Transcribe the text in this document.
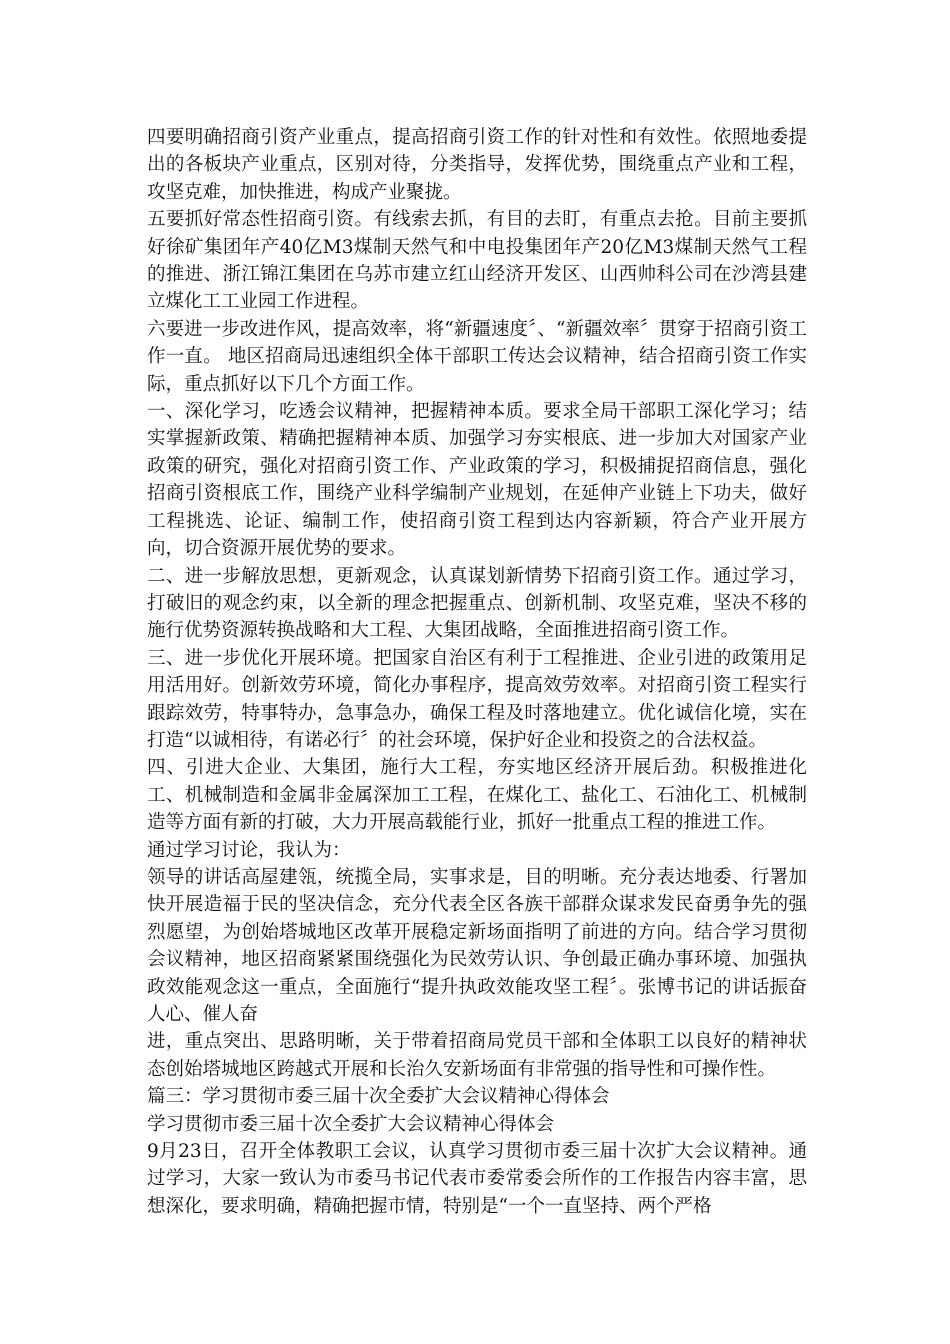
四要明确招商引资产业重点，提高招商引资工作的针对性和有效性。依照地委提出的各板块产业重点，区别对待，分类指导，发挥优势，围绕重点产业和工程，攻坚克难，加快推进，构成产业聚拢。

五要抓好常态性招商引资。有线索去抓，有目的去盯，有重点去抢。目前主要抓好徐矿集团年产40亿M3煤制天然气和中电投集团年产20亿M3煤制天然气工程的推进、浙江锦江集团在乌苏市建立红山经济开发区、山西帅科公司在沙湾县建立煤化工工业园工作进程。

六要进一步改进作风，提高效率，将“新疆速度〞、“新疆效率〞贯穿于招商引资工作一直。 地区招商局迅速组织全体干部职工传达会议精神，结合招商引资工作实际，重点抓好以下几个方面工作。

一、深化学习，吃透会议精神，把握精神本质。要求全局干部职工深化学习；结实掌握新政策、精确把握精神本质、加强学习夯实根底、进一步加大对国家产业政策的研究，强化对招商引资工作、产业政策的学习，积极捕捉招商信息，强化招商引资根底工作，围绕产业科学编制产业规划，在延伸产业链上下功夫，做好工程挑选、论证、编制工作，使招商引资工程到达内容新颖，符合产业开展方向，切合资源开展优势的要求。

二、进一步解放思想，更新观念，认真谋划新情势下招商引资工作。通过学习，打破旧的观念约束，以全新的理念把握重点、创新机制、攻坚克难，坚决不移的施行优势资源转换战略和大工程、大集团战略，全面推进招商引资工作。

三、进一步优化开展环境。把国家自治区有利于工程推进、企业引进的政策用足用活用好。创新效劳环境，简化办事程序，提高效劳效率。对招商引资工程实行跟踪效劳，特事特办，急事急办，确保工程及时落地建立。优化诚信化境，实在打造“以诚相待，有诺必行〞的社会环境，保护好企业和投资之的合法权益。

四、引进大企业、大集团，施行大工程，夯实地区经济开展后劲。积极推进化工、机械制造和金属非金属深加工工程，在煤化工、盐化工、石油化工、机械制造等方面有新的打破，大力开展高载能行业，抓好一批重点工程的推进工作。

通过学习讨论，我认为：

领导的讲话高屋建瓴，统揽全局，实事求是，目的明晰。充分表达地委、行署加快开展造福于民的坚决信念，充分代表全区各族干部群众谋求发民奋勇争先的强烈愿望，为创始塔城地区改革开展稳定新场面指明了前进的方向。结合学习贯彻会议精神，地区招商紧紧围绕强化为民效劳认识、争创最正确办事环境、加强执政效能观念这一重点，全面施行“提升执政效能攻坚工程〞。张博书记的讲话振奋人心、催人奋

进，重点突出、思路明晰，关于带着招商局党员干部和全体职工以良好的精神状态创始塔城地区跨越式开展和长治久安新场面有非常强的指导性和可操作性。

篇三：学习贯彻市委三届十次全委扩大会议精神心得体会

学习贯彻市委三届十次全委扩大会议精神心得体会

9月23日，召开全体教职工会议，认真学习贯彻市委三届十次扩大会议精神。通过学习，大家一致认为市委马书记代表市委常委会所作的工作报告内容丰富，思想深化，要求明确，精确把握市情，特别是“一个一直坚持、两个严格
